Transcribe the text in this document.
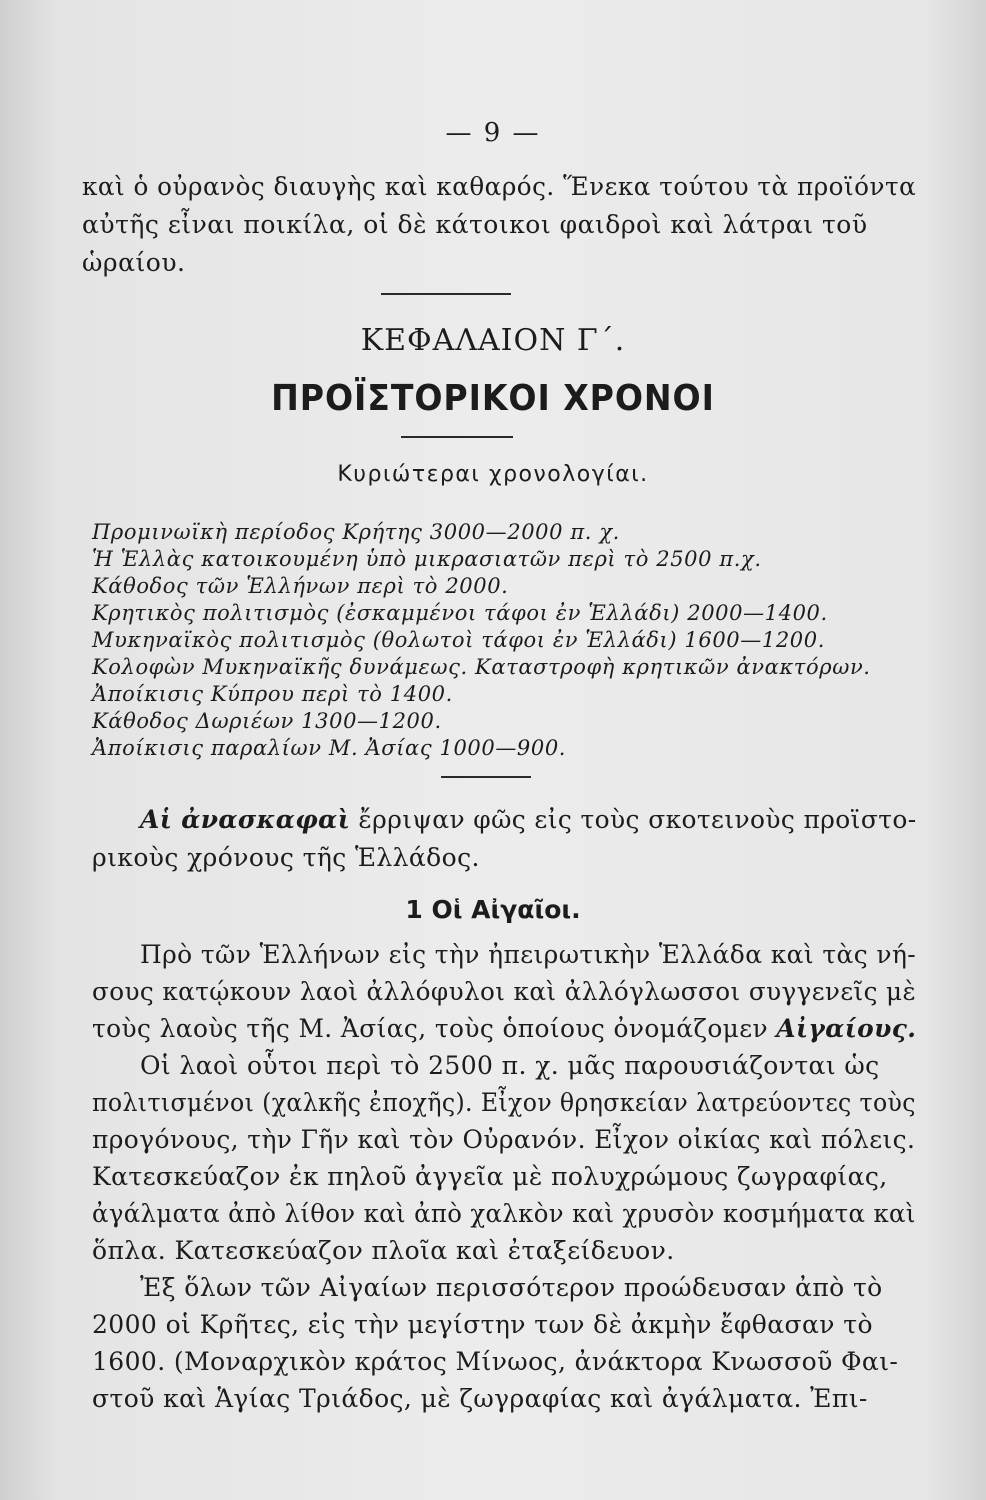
— 9 —
καὶ ὁ οὐρανὸς διαυγὴς καὶ καθαρός. Ἕνεκα τούτου τὰ προϊόντα
αὐτῆς εἶναι ποικίλα, οἱ δὲ κάτοικοι φαιδροὶ καὶ λάτραι τοῦ
ὡραίου.
ΚΕΦΑΛΑΙΟΝ Γ΄.
ΠΡΟΪΣΤΟΡΙΚΟΙ ΧΡΟΝΟΙ
Κυριώτεραι χρονολογίαι.
Προμινωϊκὴ περίοδος Κρήτης 3000—2000 π. χ.
Ἡ Ἑλλὰς κατοικουμένη ὑπὸ μικρασιατῶν περὶ τὸ 2500 π.χ.
Κάθοδος τῶν Ἑλλήνων περὶ τὸ 2000.
Κρητικὸς πολιτισμὸς (ἐσκαμμένοι τάφοι ἐν Ἑλλάδι) 2000—1400.
Μυκηναϊκὸς πολιτισμὸς (θολωτοὶ τάφοι ἐν Ἑλλάδι) 1600—1200.
Κολοφὼν Μυκηναϊκῆς δυνάμεως. Καταστροφὴ κρητικῶν ἀνακτόρων.
Ἀποίκισις Κύπρου περὶ τὸ 1400.
Κάθοδος Δωριέων 1300—1200.
Ἀποίκισις παραλίων Μ. Ἀσίας 1000—900.
Αἱ ἀνασκαφαὶ ἔρριψαν φῶς εἰς τοὺς σκοτεινοὺς προϊστο-
ρικοὺς χρόνους τῆς Ἑλλάδος.
1 Οἱ Αἰγαῖοι.
Πρὸ τῶν Ἑλλήνων εἰς τὴν ἠπειρωτικὴν Ἑλλάδα καὶ τὰς νή-
σους κατῴκουν λαοὶ ἀλλόφυλοι καὶ ἀλλόγλωσσοι συγγενεῖς μὲ
τοὺς λαοὺς τῆς Μ. Ἀσίας, τοὺς ὁποίους ὀνομάζομεν Αἰγαίους.
Οἱ λαοὶ οὗτοι περὶ τὸ 2500 π. χ. μᾶς παρουσιάζονται ὡς
πολιτισμένοι (χαλκῆς ἐποχῆς). Εἶχον θρησκείαν λατρεύοντες τοὺς
προγόνους, τὴν Γῆν καὶ τὸν Οὐρανόν. Εἶχον οἰκίας καὶ πόλεις.
Κατεσκεύαζον ἐκ πηλοῦ ἀγγεῖα μὲ πολυχρώμους ζωγραφίας,
ἀγάλματα ἀπὸ λίθον καὶ ἀπὸ χαλκὸν καὶ χρυσὸν κοσμήματα καὶ
ὅπλα. Κατεσκεύαζον πλοῖα καὶ ἐταξείδευον.
Ἐξ ὅλων τῶν Αἰγαίων περισσότερον προώδευσαν ἀπὸ τὸ
2000 οἱ Κρῆτες, εἰς τὴν μεγίστην των δὲ ἀκμὴν ἔφθασαν τὸ
1600. (Μοναρχικὸν κράτος Μίνωος, ἀνάκτορα Κνωσσοῦ Φαι-
στοῦ καὶ Ἁγίας Τριάδος, μὲ ζωγραφίας καὶ ἀγάλματα. Ἐπι-
